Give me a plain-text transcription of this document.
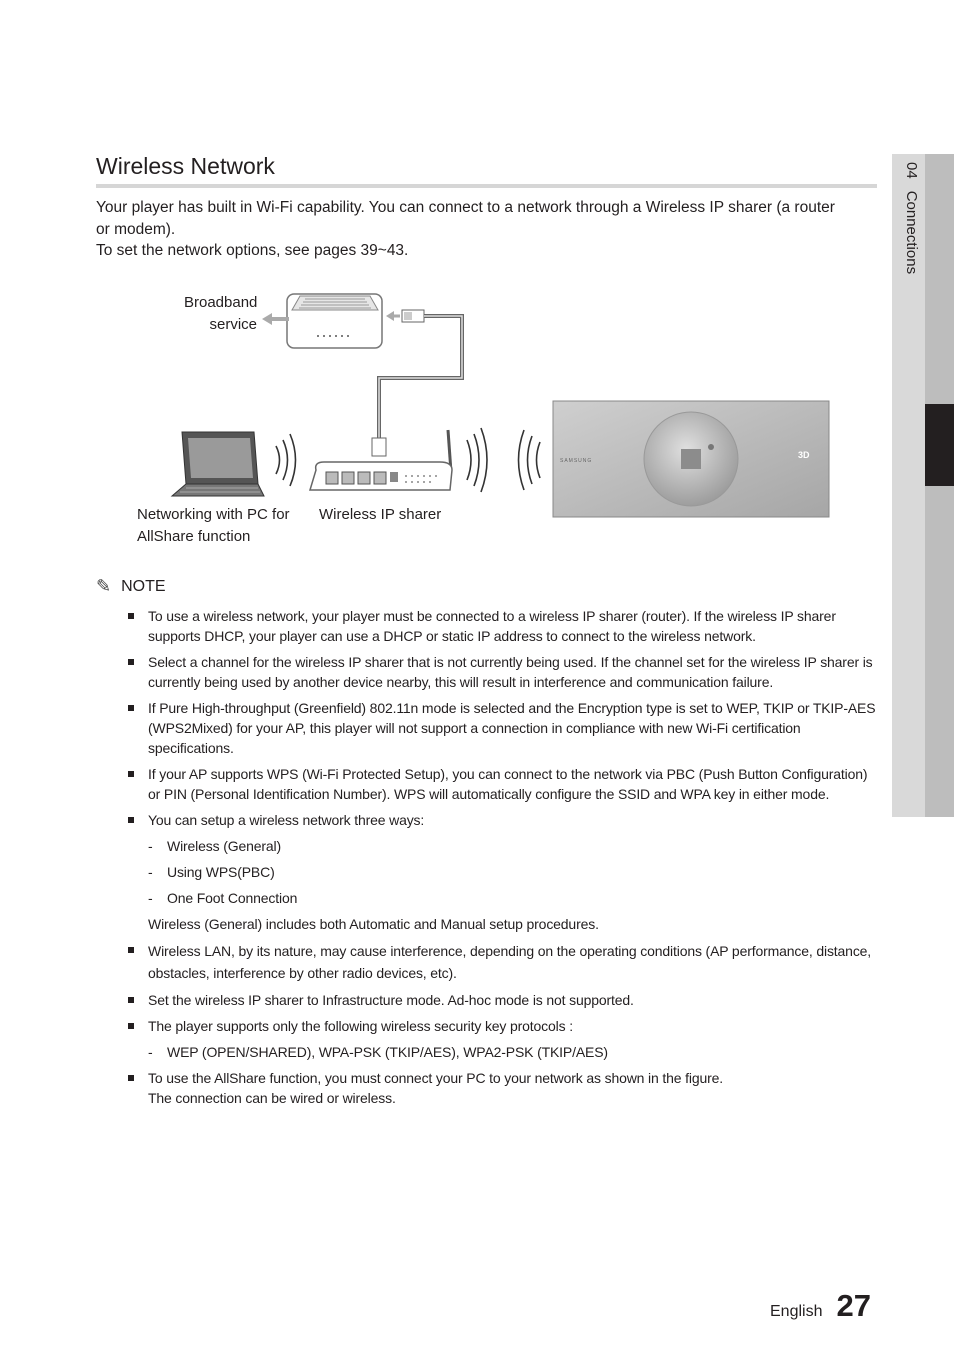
04Connections
Wireless Network

Your player has built in Wi-Fi capability. You can connect to a network through a Wireless IP sharer (a router or modem).

To set the network options, see pages 39~43.

SAMSUNG
3D
Broadband
service
Networking with PC for
AllShare function
Wireless IP sharer
✎ NOTE
To use a wireless network, your player must be connected to a wireless IP sharer (router). If the wireless IP sharer supports DHCP, your player can use a DHCP or static IP address to connect to the wireless network.
Select a channel for the wireless IP sharer that is not currently being used. If the channel set for the wireless IP sharer is currently being used by another device nearby, this will result in interference and communication failure.
If Pure High-throughput (Greenfield) 802.11n mode is selected and the Encryption type is set to WEP, TKIP or TKIP-AES (WPS2Mixed) for your AP, this player will not support a connection in compliance with new Wi-Fi certification specifications.
If your AP supports WPS (Wi-Fi Protected Setup), you can connect to the network via PBC (Push Button Configuration) or PIN (Personal Identification Number). WPS will automatically configure the SSID and WPA key in either mode.
You can setup a wireless network three ways:
- Wireless (General)
- Using WPS(PBC)
- One Foot Connection
Wireless (General) includes both Automatic and Manual setup procedures.
Wireless LAN, by its nature, may cause interference, depending on the operating conditions (AP performance, distance, obstacles, interference by other radio devices, etc).
Set the wireless IP sharer to Infrastructure mode. Ad-hoc mode is not supported.
The player supports only the following wireless security key protocols :
- WEP (OPEN/SHARED), WPA-PSK (TKIP/AES), WPA2-PSK (TKIP/AES)
To use the AllShare function, you must connect your PC to your network as shown in the figure.
The connection can be wired or wireless.
English 27
